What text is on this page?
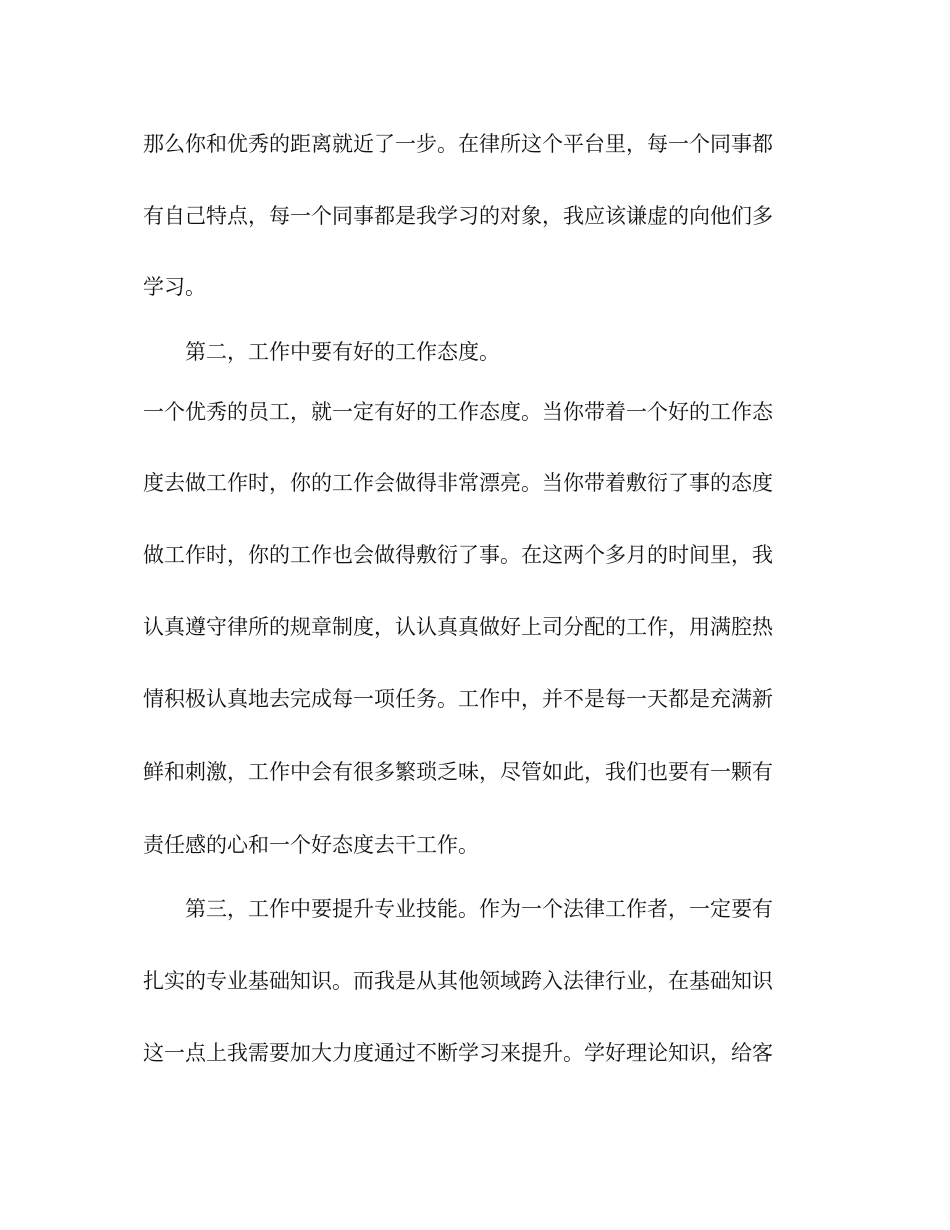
那么你和优秀的距离就近了一步。在律所这个平台里，每一个同事都
有自己特点，每一个同事都是我学习的对象，我应该谦虚的向他们多
学习。
第二，工作中要有好的工作态度。
一个优秀的员工，就一定有好的工作态度。当你带着一个好的工作态
度去做工作时，你的工作会做得非常漂亮。当你带着敷衍了事的态度
做工作时，你的工作也会做得敷衍了事。在这两个多月的时间里，我
认真遵守律所的规章制度，认认真真做好上司分配的工作，用满腔热
情积极认真地去完成每一项任务。工作中，并不是每一天都是充满新
鲜和刺激，工作中会有很多繁琐乏味，尽管如此，我们也要有一颗有
责任感的心和一个好态度去干工作。
第三，工作中要提升专业技能。作为一个法律工作者，一定要有
扎实的专业基础知识。而我是从其他领域跨入法律行业，在基础知识
这一点上我需要加大力度通过不断学习来提升。学好理论知识，给客
